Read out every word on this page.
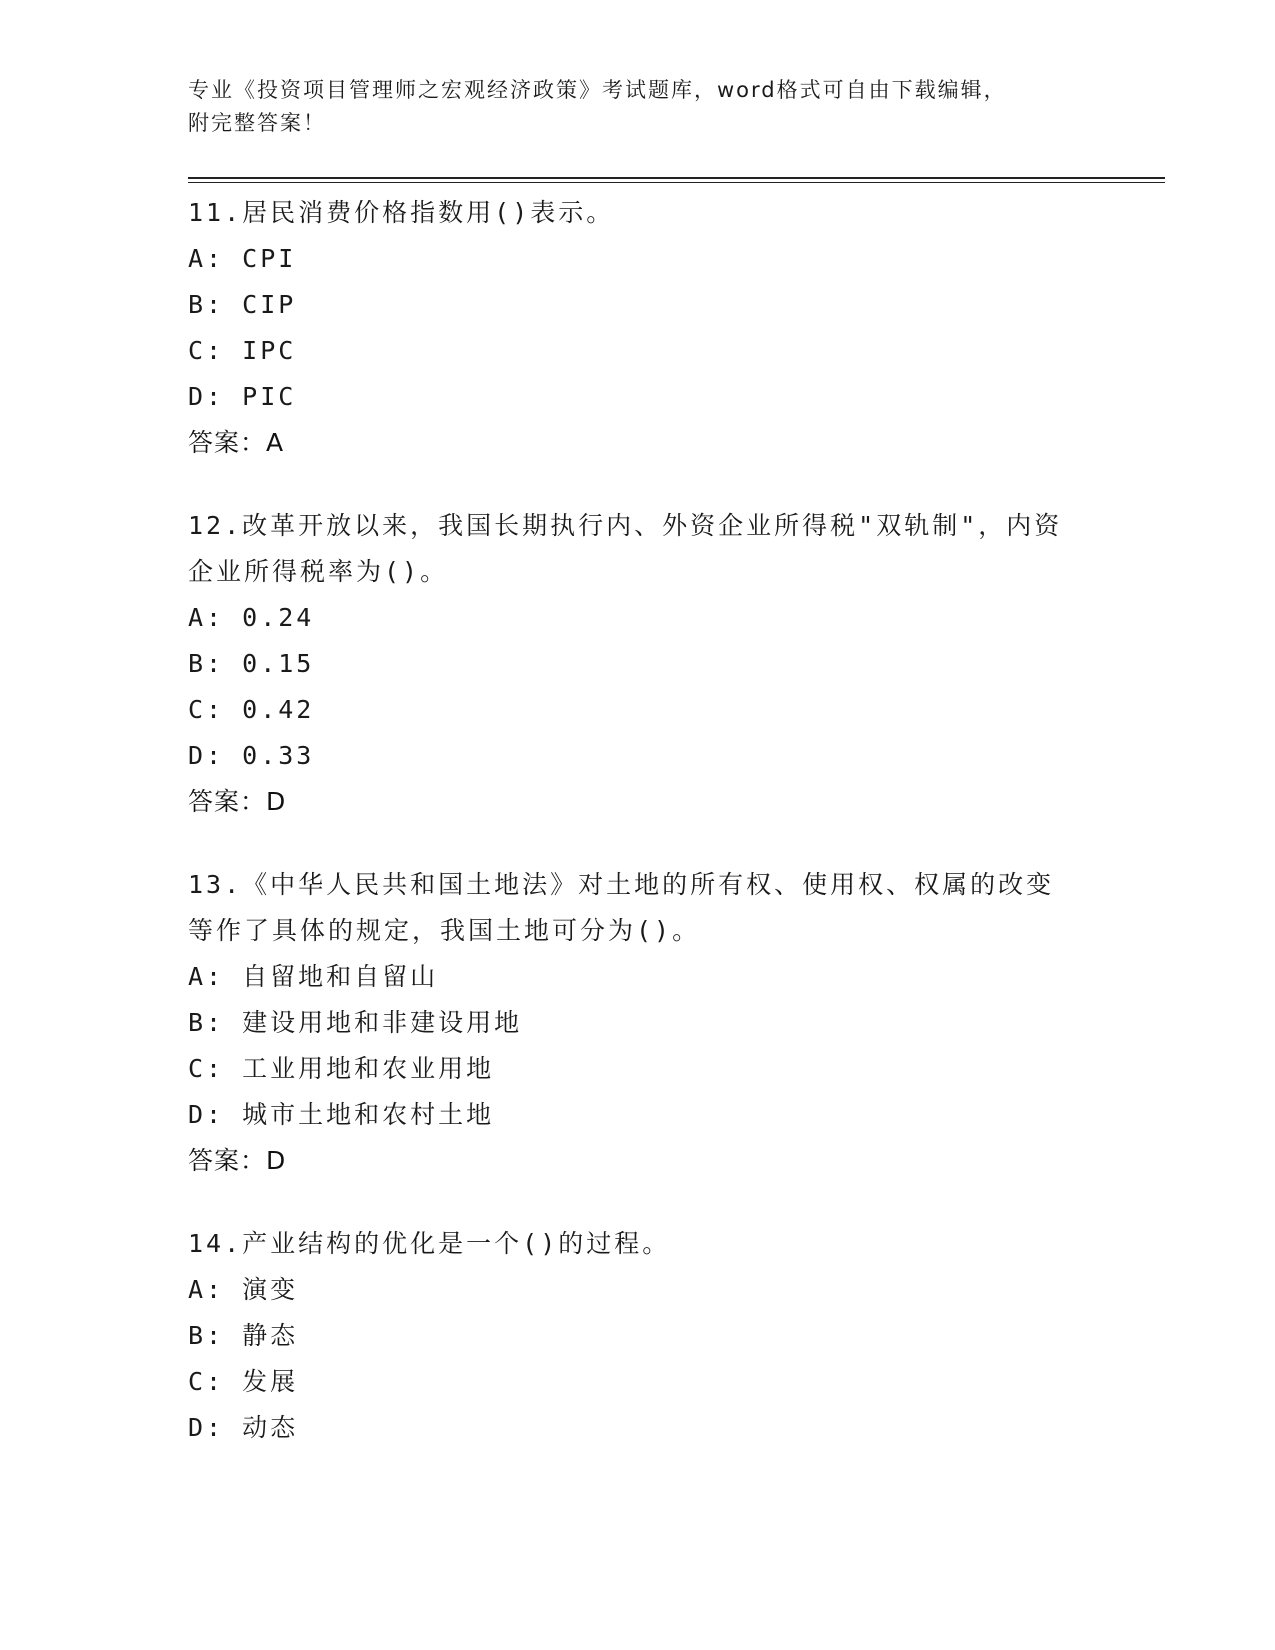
专业《投资项目管理师之宏观经济政策》考试题库，word格式可自由下载编辑，
附完整答案！
11.居民消费价格指数用()表示。
A: CPI
B: CIP
C: IPC
D: PIC
答案：A
12.改革开放以来，我国长期执行内、外资企业所得税"双轨制"，内资
企业所得税率为()。
A: 0.24
B: 0.15
C: 0.42
D: 0.33
答案：D
13.《中华人民共和国土地法》对土地的所有权、使用权、权属的改变
等作了具体的规定，我国土地可分为()。
A: 自留地和自留山
B: 建设用地和非建设用地
C: 工业用地和农业用地
D: 城市土地和农村土地
答案：D
14.产业结构的优化是一个()的过程。
A: 演变
B: 静态
C: 发展
D: 动态
